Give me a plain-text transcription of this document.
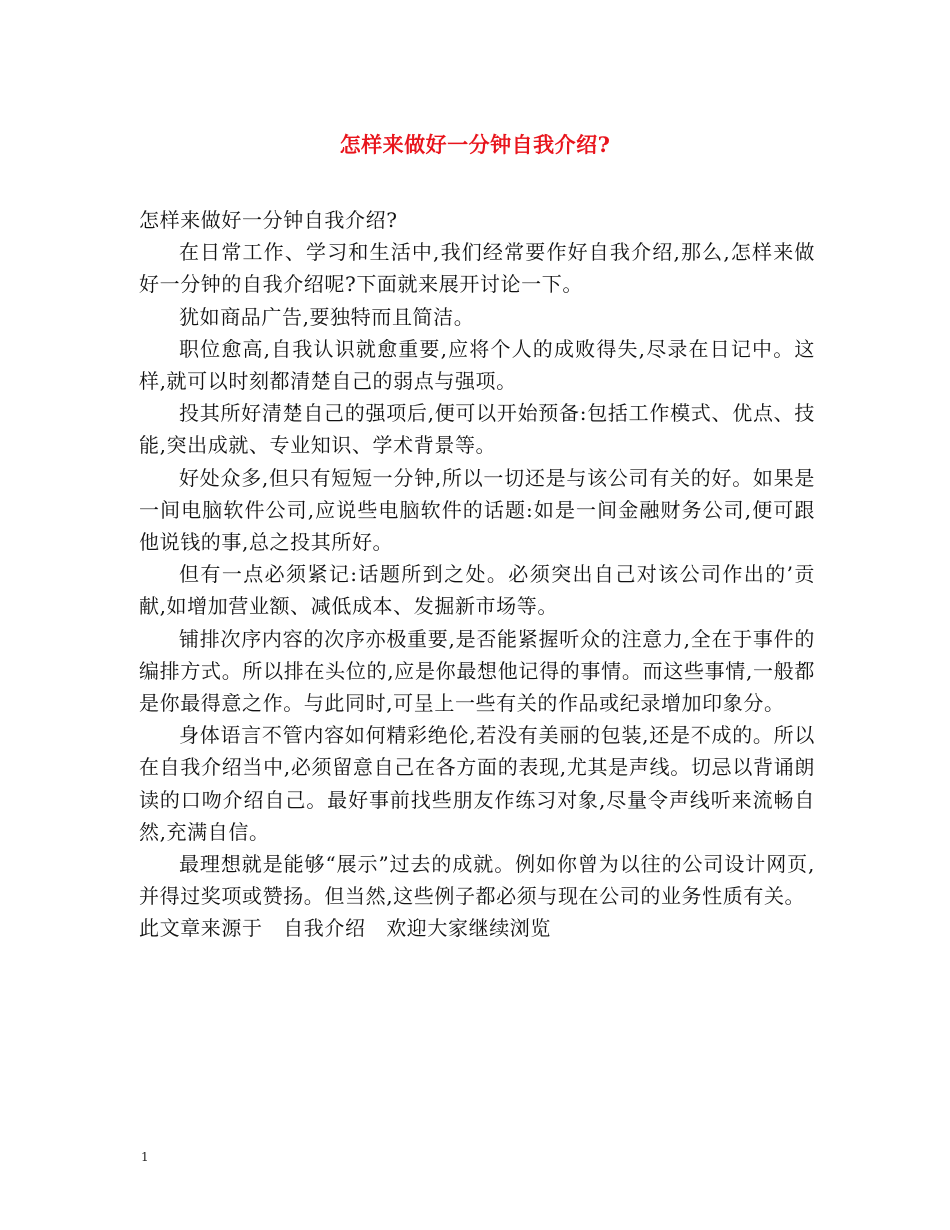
怎样来做好一分钟自我介绍?

怎样来做好一分钟自我介绍?

在日常工作、学习和生活中,我们经常要作好自我介绍,那么,怎样来做好一分钟的自我介绍呢?下面就来展开讨论一下。

犹如商品广告,要独特而且简洁。

职位愈高,自我认识就愈重要,应将个人的成败得失,尽录在日记中。这样,就可以时刻都清楚自己的弱点与强项。

投其所好清楚自己的强项后,便可以开始预备:包括工作模式、优点、技能,突出成就、专业知识、学术背景等。

好处众多,但只有短短一分钟,所以一切还是与该公司有关的好。如果是一间电脑软件公司,应说些电脑软件的话题:如是一间金融财务公司,便可跟他说钱的事,总之投其所好。

但有一点必须紧记:话题所到之处。必须突出自己对该公司作出的’贡献,如增加营业额、减低成本、发掘新市场等。

铺排次序内容的次序亦极重要,是否能紧握听众的注意力,全在于事件的编排方式。所以排在头位的,应是你最想他记得的事情。而这些事情,一般都是你最得意之作。与此同时,可呈上一些有关的作品或纪录增加印象分。

身体语言不管内容如何精彩绝伦,若没有美丽的包装,还是不成的。所以在自我介绍当中,必须留意自己在各方面的表现,尤其是声线。切忌以背诵朗读的口吻介绍自己。最好事前找些朋友作练习对象,尽量令声线听来流畅自然,充满自信。

最理想就是能够“展示”过去的成就。例如你曾为以往的公司设计网页,并得过奖项或赞扬。但当然,这些例子都必须与现在公司的业务性质有关。

此文章来源于　自我介绍　欢迎大家继续浏览

1
